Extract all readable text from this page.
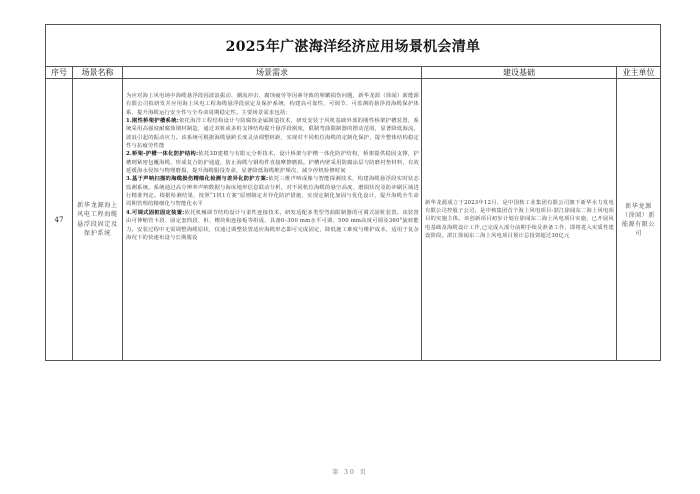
2025年广湛海洋经济应用场景机会清单
序号
47
场景名称
新华龙源海上风电工程海缆悬浮段固定及保护系统
场景需求
为应对海上风电场中海缆悬浮段因波浪振动、潮流冲击、腐蚀疲劳等因素导致的频繁损伤问题，新华龙源（徐闻）新能源有限公司拟研发并应用海上风电工程海缆悬浮段固定及保护系统，构建高可靠性、可调节、可监测的悬浮段海缆保护体系，提升海缆运行安全性与全寿命周期稳定性。主要场景需求包括:
1.刚性桥架护槽系统:依托海洋工程结构设计与防腐蚀金属制造技术，研发安装于风机基础外部的刚性桥架护槽装置，系统采用高强度耐腐蚀钢材制造，通过双桩或多桩支撑结构提升悬浮段刚度，限制弯曲限制器的摆动范围，显著降低海流、波浪引起的振动应力。该系统可根据海缆悬跨长度灵活调整桩距，实现对不同机位海缆的定制化保护，提升整体结构稳定性与抗疲劳性能
2.桥架-护槽一体化防护结构:依托3D建模与有限元分析技术，设计桥架与护槽一体化防护结构，桥架提供稳固支撑，护槽则紧密包覆海缆，形成复合防护通道，防止海缆与钢构件直接摩擦磨损。护槽内壁采用防腐涂层与防磨衬垫材料，有效延缓海水侵蚀与物理磨损，提升海缆服役寿命，显著降低海缆维护频次，减少停机检修时间
3.基于声呐扫描的海缆损伤精细化检测与差异化防护方案:依托三维声呐成像与智能探测技术，构建海缆悬浮段实时状态监测系统。系统通过高分辨率声呐数据与海床地形信息联动分析，对不同机位海缆的悬空高度、磨损状况及防冲刷区域进行精准判定。根据检测结果，按照“1机1方案”原则制定差异化防护措施，实现定制化加固与优化设计，提升海缆全生命周期管理的精细化与智能化水平
4.可调式固桩固定装置:依托机械调节结构设计与柔性连接技术，研发适配多类型弯曲限制器的可调式固桩装置。该装置由可伸缩管卡段、固定套筒段、桩、楔块和连接板等组成，具备0–300 mm水平可调、500 mm高度可调及360°旋转能力。安装过程中无需调整海缆原状，仅通过调整装置适应海缆形态即可完成固定，降低施工难度与维护成本，适用于复杂海况下的快速布设与长期服役
建设基础
新华龙源成立于2023年12月，是中国核工业集团有限公司旗下新华水力发电有限公司控股子公司，是中核集团首个海上风电项目-湛江徐闻东二海上风电项目的实施主体。该创新项目初步计划在徐闻东二海上风电项目实施，已开展风电基础及海缆设计工作,已完成大部分前期手续及准备工作，即将进入实质性建设阶段。湛江徐闻东二海上风电项目预计总投资超过30亿元
业主单位
新华龙源（徐闻）新能源有限公司
第 30 页
